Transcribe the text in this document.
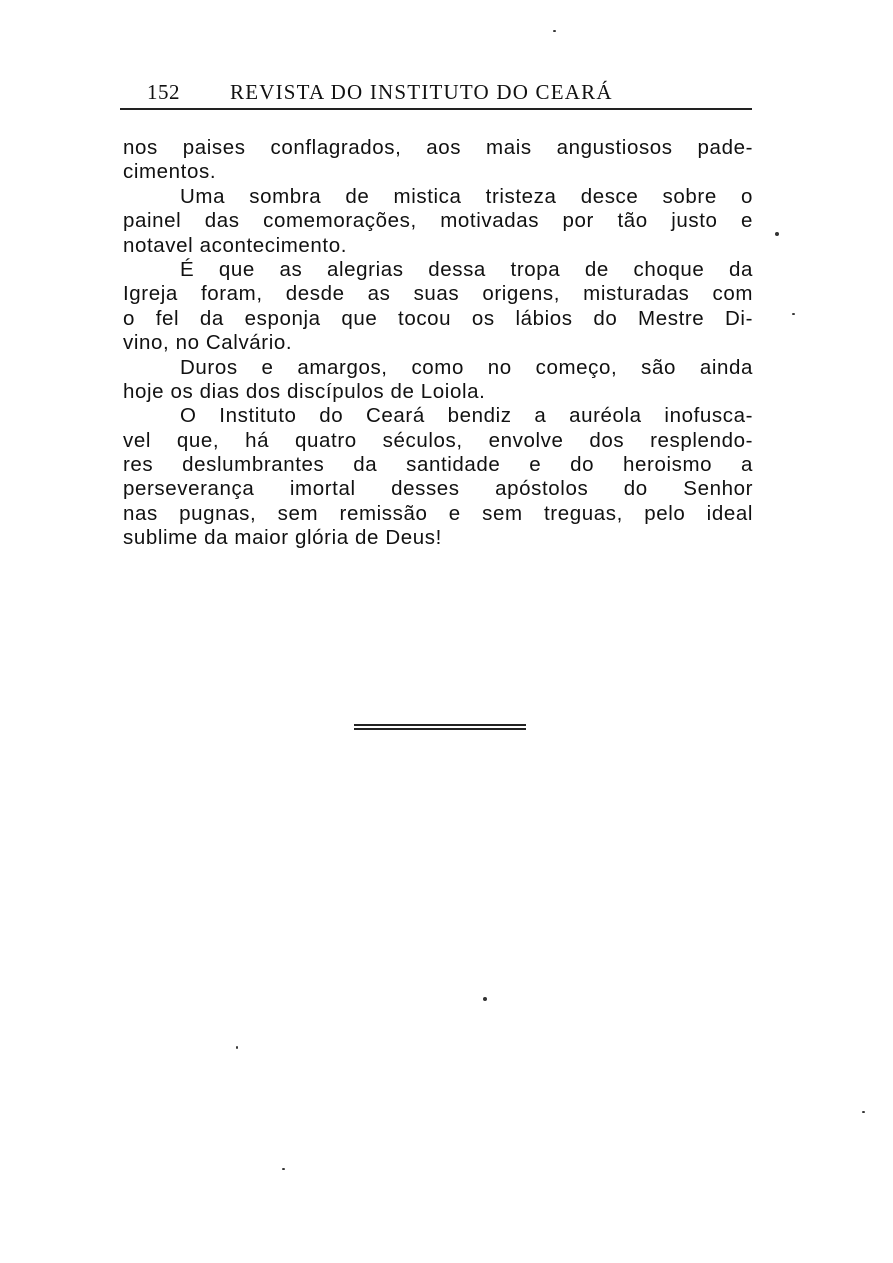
152 REVISTA DO INSTITUTO DO CEARÁ
nos paises conflagrados, aos mais angustiosos pade-
cimentos.
Uma sombra de mistica tristeza desce sobre o
painel das comemorações, motivadas por tão justo e
notavel acontecimento.
É que as alegrias dessa tropa de choque da
Igreja foram, desde as suas origens, misturadas com
o fel da esponja que tocou os lábios do Mestre Di-
vino, no Calvário.
Duros e amargos, como no começo, são ainda
hoje os dias dos discípulos de Loiola.
O Instituto do Ceará bendiz a auréola inofusca-
vel que, há quatro séculos, envolve dos resplendo-
res deslumbrantes da santidade e do heroismo a
perseverança imortal desses apóstolos do Senhor
nas pugnas, sem remissão e sem treguas, pelo ideal
sublime da maior glória de Deus!
